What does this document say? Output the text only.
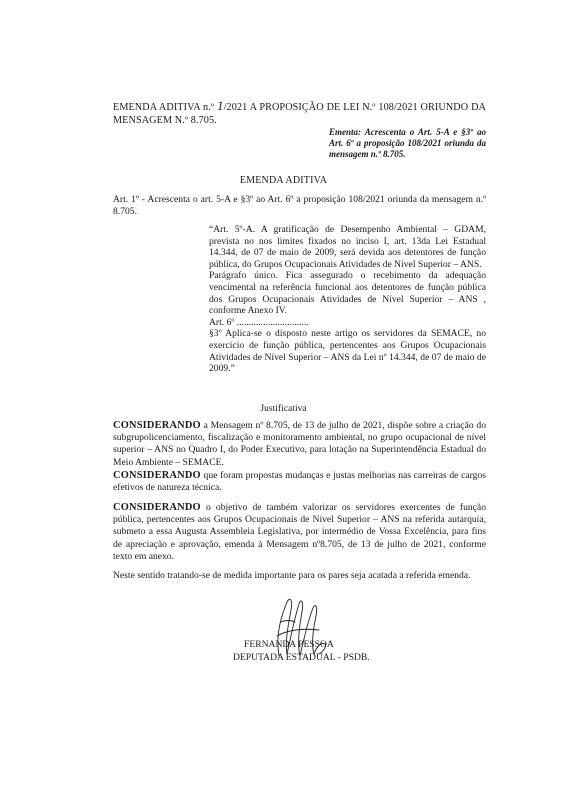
EMENDA ADITIVA n.º 1/2021 A PROPOSIÇÃO DE LEI N.º 108/2021 ORIUNDO DA MENSAGEM N.º 8.705.

Ementa: Acrescenta o Art. 5-A e §3º ao Art. 6º a proposição 108/2021 oriunda da mensagem n.º 8.705.

EMENDA ADITIVA

Art. 1º - Acrescenta o art. 5-A e §3º ao Art. 6º a proposição 108/2021 oriunda da mensagem n.º 8.705.

“Art. 5º-A. A gratificação de Desempenho Ambiental – GDAM, prevista no nos limites fixados no inciso I, art. 13da Lei Estadual 14.344, de 07 de maio de 2009, será devida aos detentores de função pública, do Grupos Ocupacionais Atividades de Nível Superior – ANS.

Parágrafo único. Fica assegurado o recebimento da adequação vencimental na referência funcional aos detentores de função pública dos Grupos Ocupacionais Atividades de Nível Superior – ANS , conforme Anexo IV.

Art. 6º ..............................

§3º Aplica-se o disposto neste artigo os servidores da SEMACE, no exercício de função pública, pertencentes aos Grupos Ocupacionais Atividades de Nível Superior – ANS da Lei nº 14.344, de 07 de maio de 2009.”

Justificativa

CONSIDERANDO a Mensagem nº 8.705, de 13 de julho de 2021, dispõe sobre a criação do subgrupolicenciamento, fiscalização e monitoramento ambiental, no grupo ocupacional de nível superior – ANS no Quadro I, do Poder Executivo, para lotação na Superintendência Estadual do Meio Ambiente – SEMACE.

CONSIDERANDO que foram propostas mudanças e justas melhorias nas carreiras de cargos efetivos de natureza técnica.

CONSIDERANDO o objetivo de também valorizar os servidores exercentes de função pública, pertencentes aos Grupos Ocupacionais de Nível Superior – ANS na referida autarquia, submeto a essa Augusta Assembleia Legislativa, por intermédio de Vossa Excelência, para fins de apreciação e aprovação, emenda à Mensagem nº8.705, de 13 de julho de 2021, conforme texto em anexo.

Neste sentido tratando-se de medida importante para os pares seja acatada a referida emenda.

FERNANDA PESSOA

DEPUTADA ESTADUAL - PSDB.
